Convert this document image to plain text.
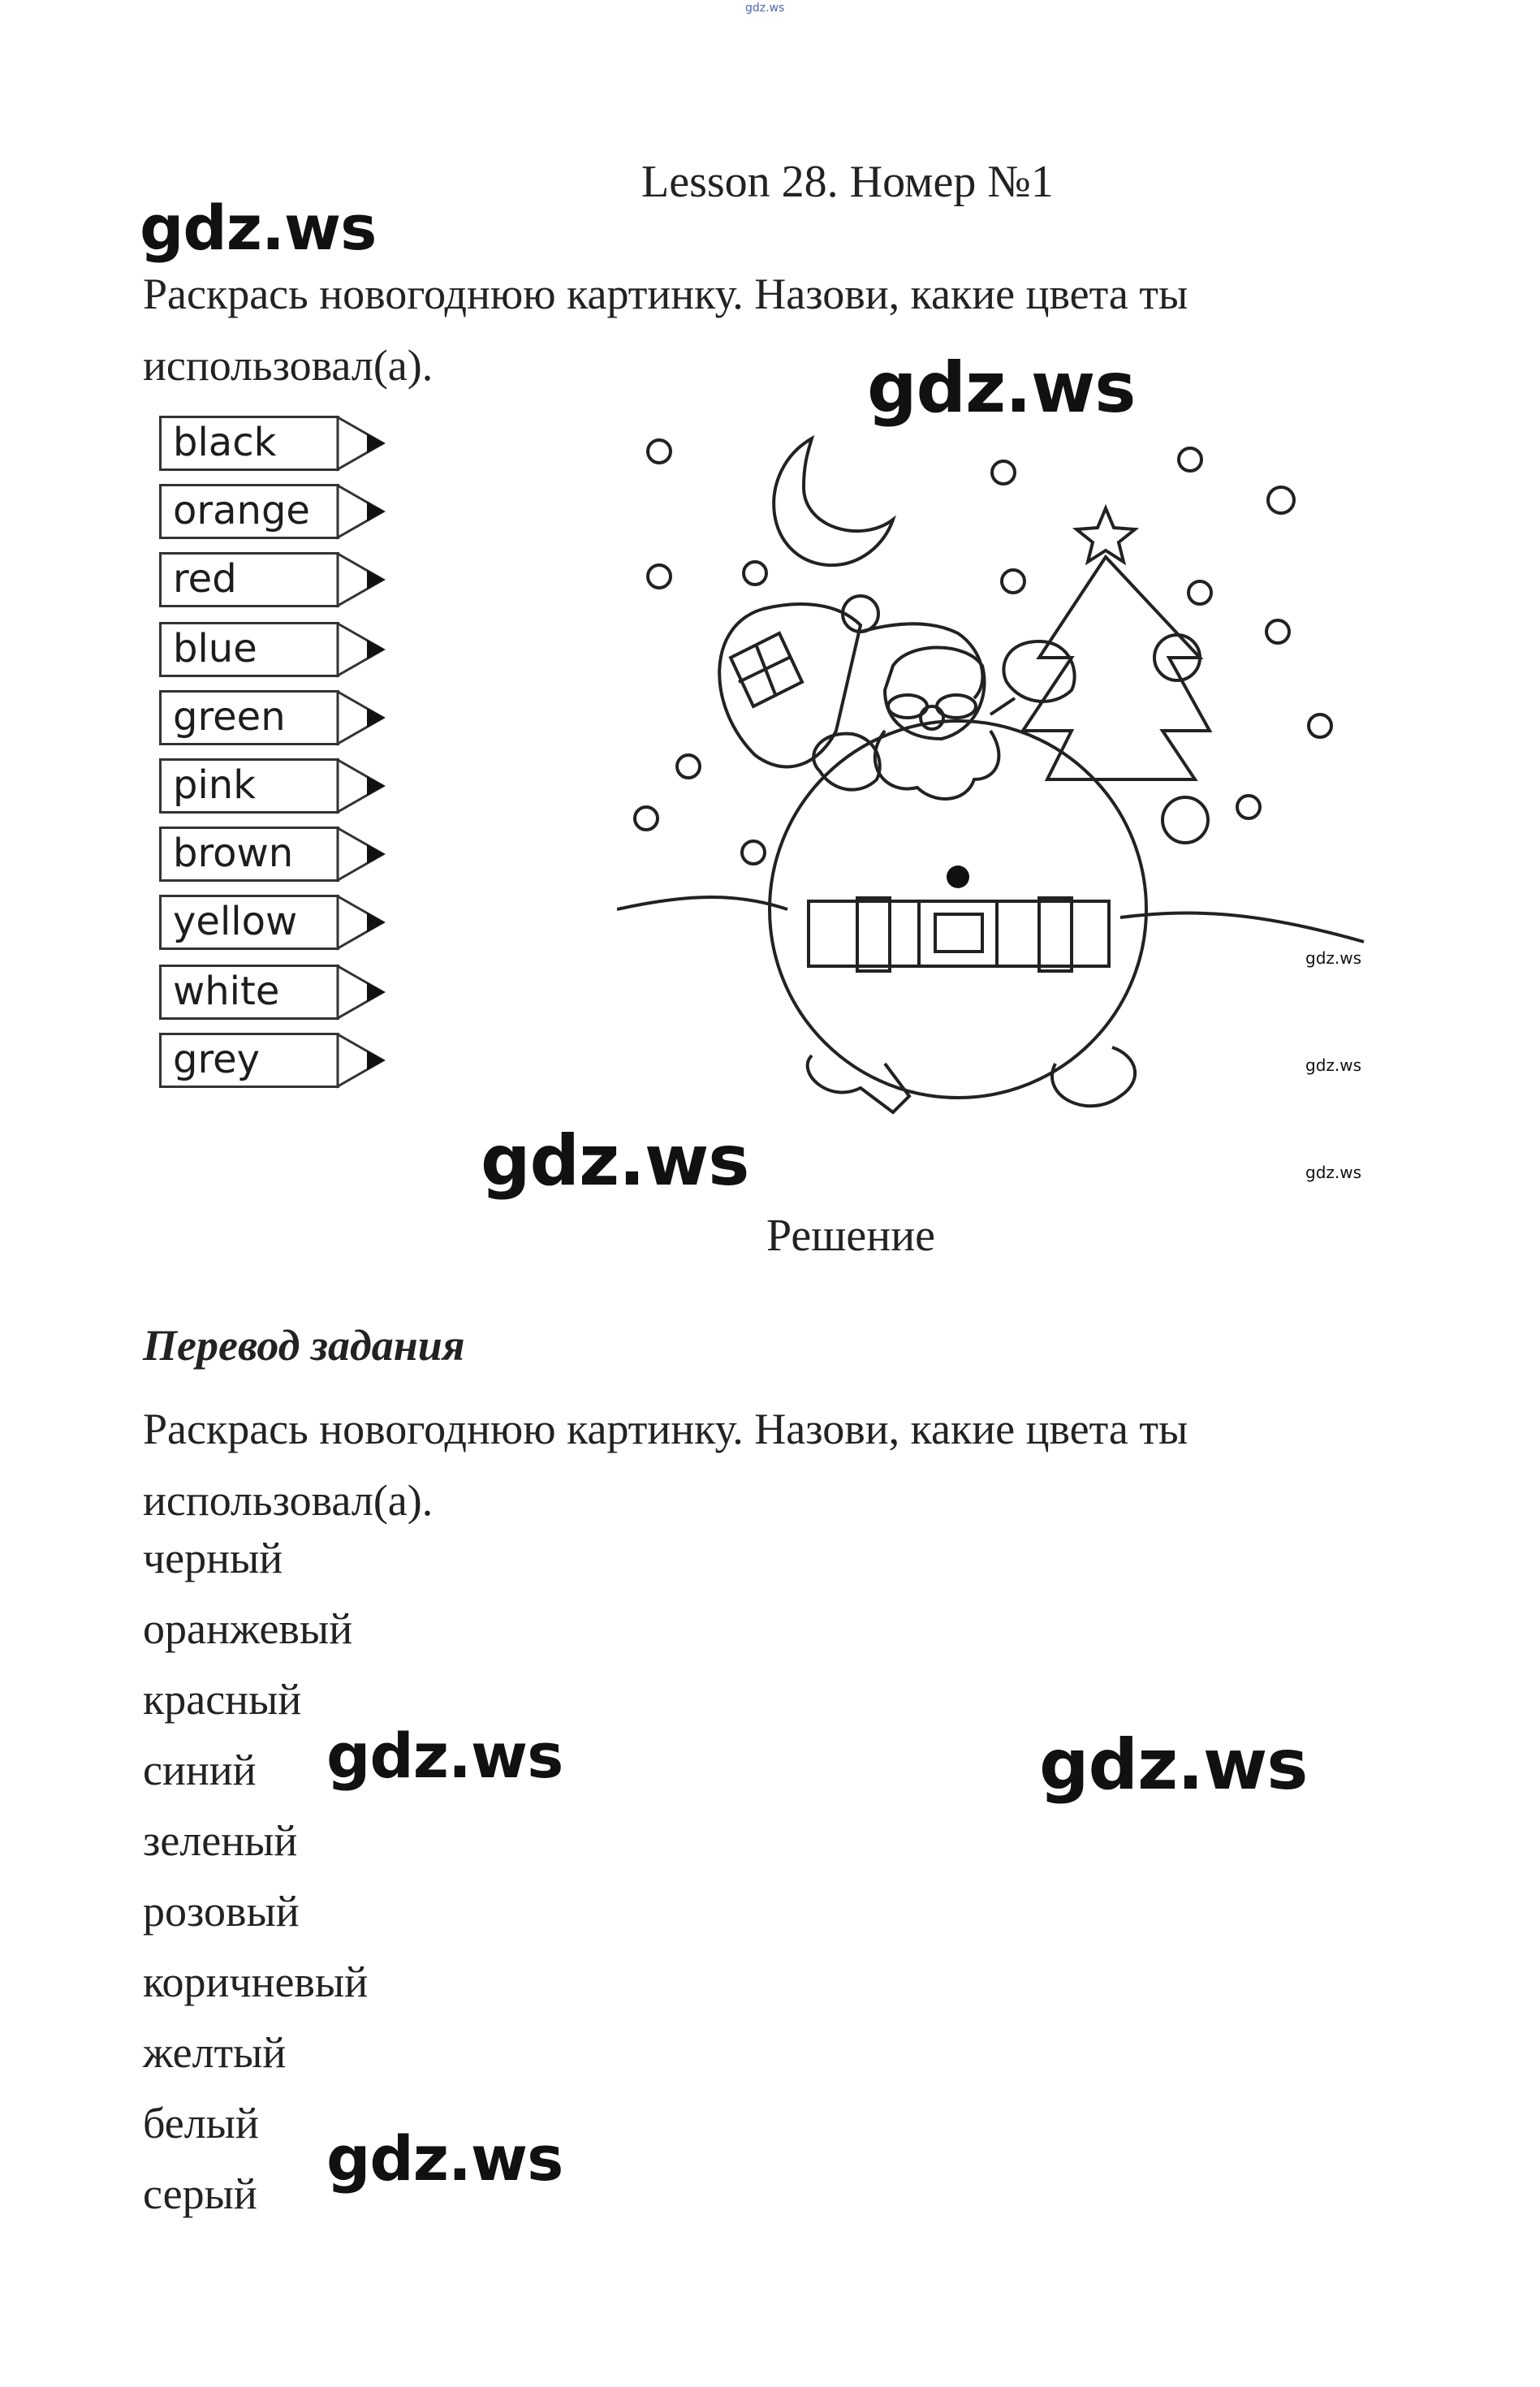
gdz.ws
Lesson 28. Номер №1
gdz.ws
Раскрась новогоднюю картинку. Назови, какие цвета ты
использовал(а).	gdz.ws
black
orange
red
blue
green
pink
brown
yellow
white
grey
gdz.ws
gdz.ws
gdz.ws
gdz.ws
Решение
Перевод задания
Раскрась новогоднюю картинку. Назови, какие цвета ты
использовал(а).
черный
оранжевый
красный
синий
зеленый
розовый
коричневый
желтый
белый
серый
gdz.ws	gdz.ws
gdz.ws
